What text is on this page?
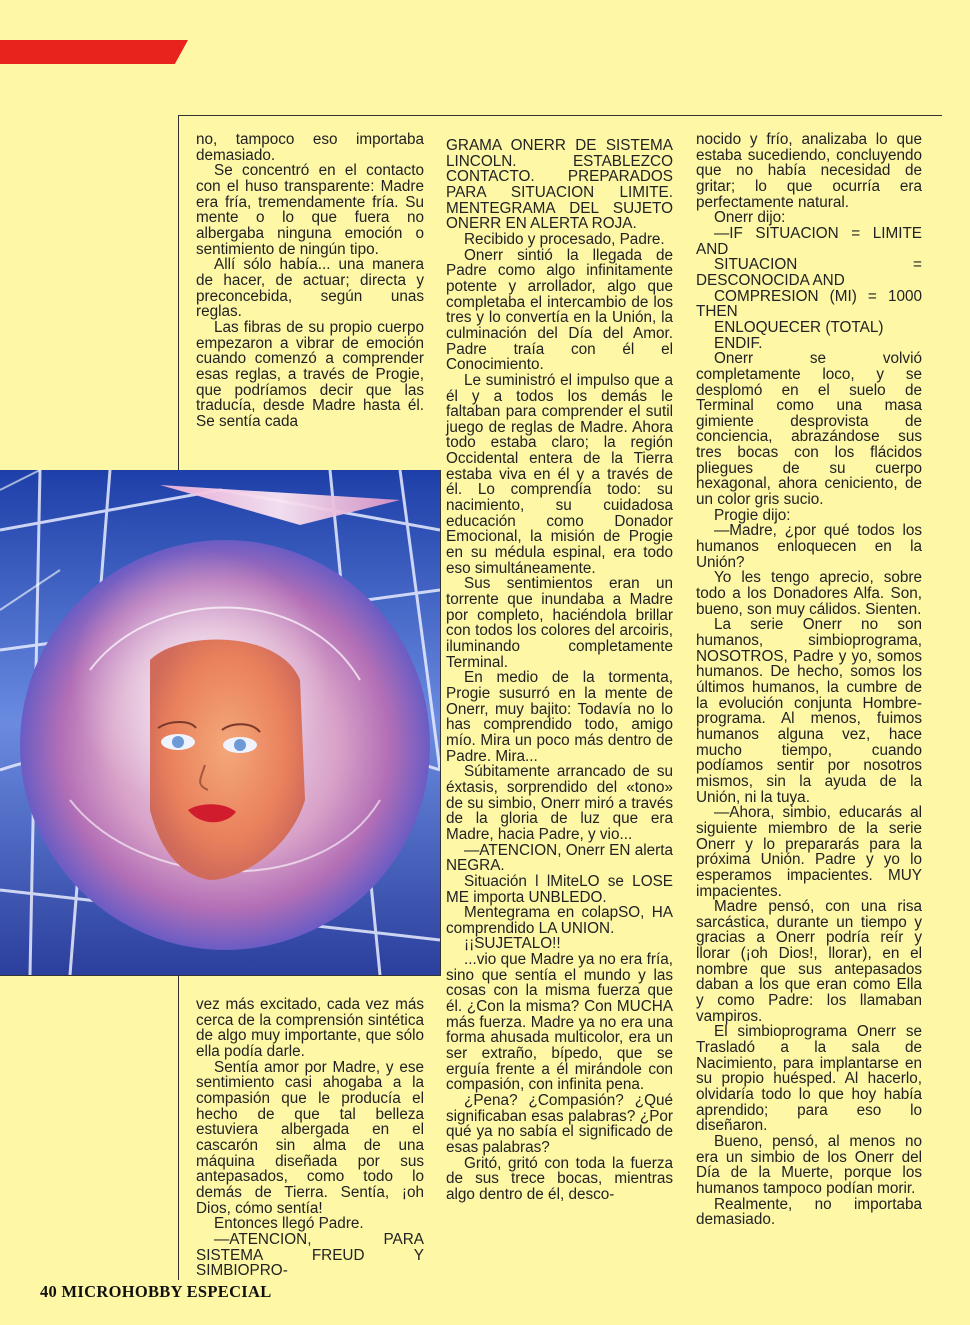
no, tampoco eso importaba demasiado.

Se concentró en el contacto con el huso transparente: Madre era fría, tremendamente fría. Su mente o lo que fuera no albergaba ninguna emoción o sentimiento de ningún tipo.

Allí sólo había... una manera de hacer, de actuar; directa y preconcebida, según unas reglas.

Las fibras de su propio cuerpo empezaron a vibrar de emoción cuando comenzó a comprender esas reglas, a través de Progie, que podríamos decir que las traducía, desde Madre hasta él. Se sentía cada

vez más excitado, cada vez más cerca de la comprensión sintética de algo muy importante, que sólo ella podía darle.

Sentía amor por Madre, y ese sentimiento casi ahogaba a la compasión que le producía el hecho de que tal belleza estuviera albergada en el cascarón sin alma de una máquina diseñada por sus antepasados, como todo lo demás de Tierra. Sentía, ¡oh Dios, cómo sentía!

Entonces llegó Padre.

—ATENCION, PARA SISTEMA FREUD Y SIMBIOPRO-

GRAMA ONERR DE SISTEMA LINCOLN. ESTABLEZCO CONTACTO. PREPARADOS PARA SITUACION LIMITE. MENTEGRAMA DEL SUJETO ONERR EN ALERTA ROJA.

Recibido y procesado, Padre.

Onerr sintió la llegada de Padre como algo infinitamente potente y arrollador, algo que completaba el intercambio de los tres y lo convertía en la Unión, la culminación del Día del Amor. Padre traía con él el Conocimiento.

Le suministró el impulso que a él y a todos los demás le faltaban para comprender el sutil juego de reglas de Madre. Ahora todo estaba claro; la región Occidental entera de la Tierra estaba viva en él y a través de él. Lo comprendía todo: su nacimiento, su cuidadosa educación como Donador Emocional, la misión de Progie en su médula espinal, era todo eso simultáneamente.

Sus sentimientos eran un torrente que inundaba a Madre por completo, haciéndola brillar con todos los colores del arcoiris, iluminando completamente Terminal.

En medio de la tormenta, Progie susurró en la mente de Onerr, muy bajito: Todavía no lo has comprendido todo, amigo mío. Mira un poco más dentro de Padre. Mira...

Súbitamente arrancado de su éxtasis, sorprendido del «tono» de su simbio, Onerr miró a través de la gloria de luz que era Madre, hacia Padre, y vio...

—ATENCION, Onerr EN alerta NEGRA.

Situación l lMiteLO se LOSE ME importa UNBLEDO.

Mentegrama en colapSO, HA comprendido LA UNION.

¡¡SUJETALO!!

...vio que Madre ya no era fría, sino que sentía el mundo y las cosas con la misma fuerza que él. ¿Con la misma? Con MUCHA más fuerza. Madre ya no era una forma ahusada multicolor, era un ser extraño, bípedo, que se erguía frente a él mirándole con compasión, con infinita pena.

¿Pena? ¿Compasión? ¿Qué significaban esas palabras? ¿Por qué ya no sabía el significado de esas palabras?

Gritó, gritó con toda la fuerza de sus trece bocas, mientras algo dentro de él, desco-

nocido y frío, analizaba lo que estaba sucediendo, concluyendo que no había necesidad de gritar; lo que ocurría era perfectamente natural.

Onerr dijo:

—IF SITUACION = LIMITE AND

SITUACION = DESCONOCIDA AND

COMPRESION (MI) = 1000 THEN

ENLOQUECER (TOTAL)

ENDIF.

Onerr se volvió completamente loco, y se desplomó en el suelo de Terminal como una masa gimiente desprovista de conciencia, abrazándose sus tres bocas con los flácidos pliegues de su cuerpo hexagonal, ahora ceniciento, de un color gris sucio.

Progie dijo:

—Madre, ¿por qué todos los humanos enloquecen en la Unión?

Yo les tengo aprecio, sobre todo a los Donadores Alfa. Son, bueno, son muy cálidos. Sienten.

La serie Onerr no son humanos, simbioprograma, NOSOTROS, Padre y yo, somos humanos. De hecho, somos los últimos humanos, la cumbre de la evolución conjunta Hombre-programa. Al menos, fuimos humanos alguna vez, hace mucho tiempo, cuando podíamos sentir por nosotros mismos, sin la ayuda de la Unión, ni la tuya.

—Ahora, simbio, educarás al siguiente miembro de la serie Onerr y lo prepararás para la próxima Unión. Padre y yo lo esperamos impacientes. MUY impacientes.

Madre pensó, con una risa sarcástica, durante un tiempo y gracias a Onerr podría reír y llorar (¡oh Dios!, llorar), en el nombre que sus antepasados daban a los que eran como Ella y como Padre: los llamaban vampiros.

El simbioprograma Onerr se Trasladó a la sala de Nacimiento, para implantarse en su propio huésped. Al hacerlo, olvidaría todo lo que hoy había aprendido; para eso lo diseñaron.

Bueno, pensó, al menos no era un simbio de los Onerr del Día de la Muerte, porque los humanos tampoco podían morir.

Realmente, no importaba demasiado.

40 MICROHOBBY ESPECIAL
